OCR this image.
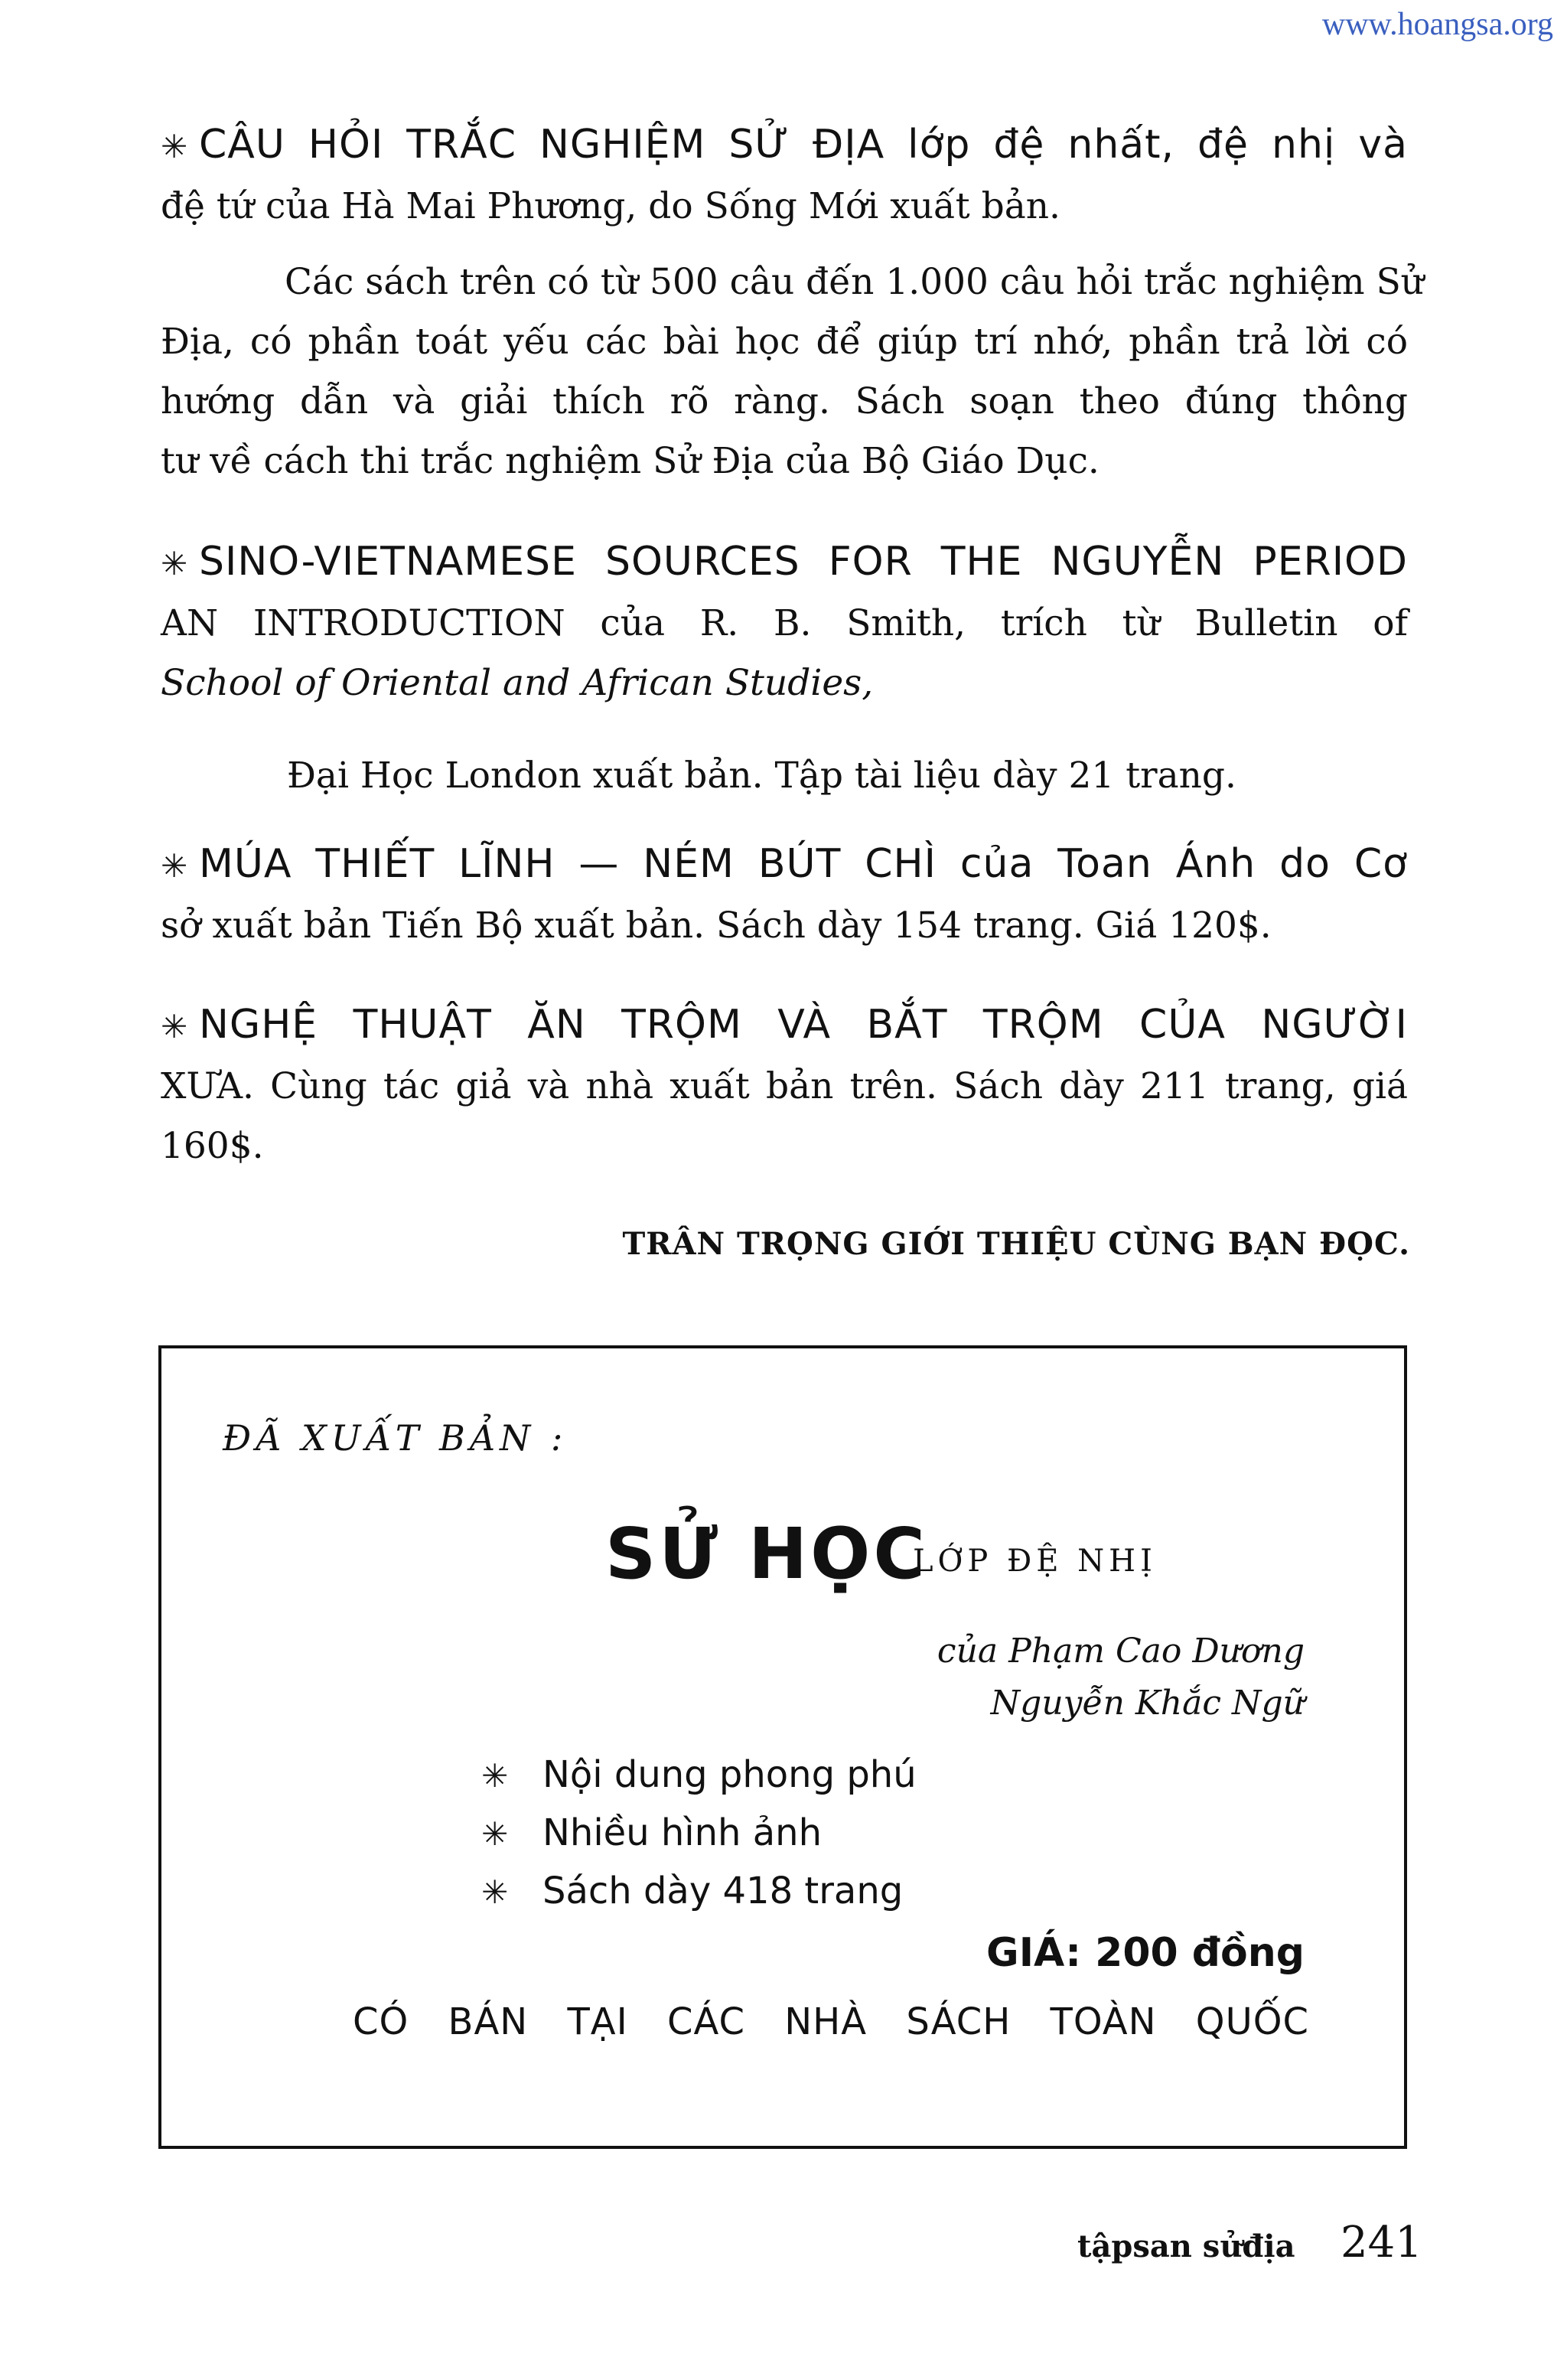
www.hoangsa.org
✳ CÂU HỎI TRẮC NGHIỆM SỬ ĐỊA lớp đệ nhất, đệ nhị và
đệ tứ của Hà Mai Phương, do Sống Mới xuất bản.
Các sách trên có từ 500 câu đến 1.000 câu hỏi trắc nghiệm Sử
Địa, có phần toát yếu các bài học để giúp trí nhớ, phần trả lời có
hướng dẫn và giải thích rõ ràng. Sách soạn theo đúng thông
tư về cách thi trắc nghiệm Sử Địa của Bộ Giáo Dục.
✳ SINO-VIETNAMESE SOURCES FOR THE NGUYỄN PERIOD
AN INTRODUCTION của R. B. Smith, trích từ Bulletin of
School of Oriental and African Studies,
Đại Học London xuất bản. Tập tài liệu dày 21 trang.
✳ MÚA THIẾT LĨNH — NÉM BÚT CHÌ của Toan Ánh do Cơ
sở xuất bản Tiến Bộ xuất bản. Sách dày 154 trang. Giá 120$.
✳ NGHỆ THUẬT ĂN TRỘM VÀ BẮT TRỘM CỦA NGƯỜI
XƯA. Cùng tác giả và nhà xuất bản trên. Sách dày 211 trang, giá
160$.
TRÂN TRỌNG GIỚI THIỆU CÙNG BẠN ĐỌC.
ĐÃ XUẤT BẢN :
SỬ HỌC
LỚP ĐỆ NHỊ
của Phạm Cao Dương
Nguyễn Khắc Ngữ
✳ Nội dung phong phú
✳ Nhiều hình ảnh
✳ Sách dày 418 trang
GIÁ: 200 đồng
CÓ BÁN TẠI CÁC NHÀ SÁCH TOÀN QUỐC
tậpsan sửđịa 241
